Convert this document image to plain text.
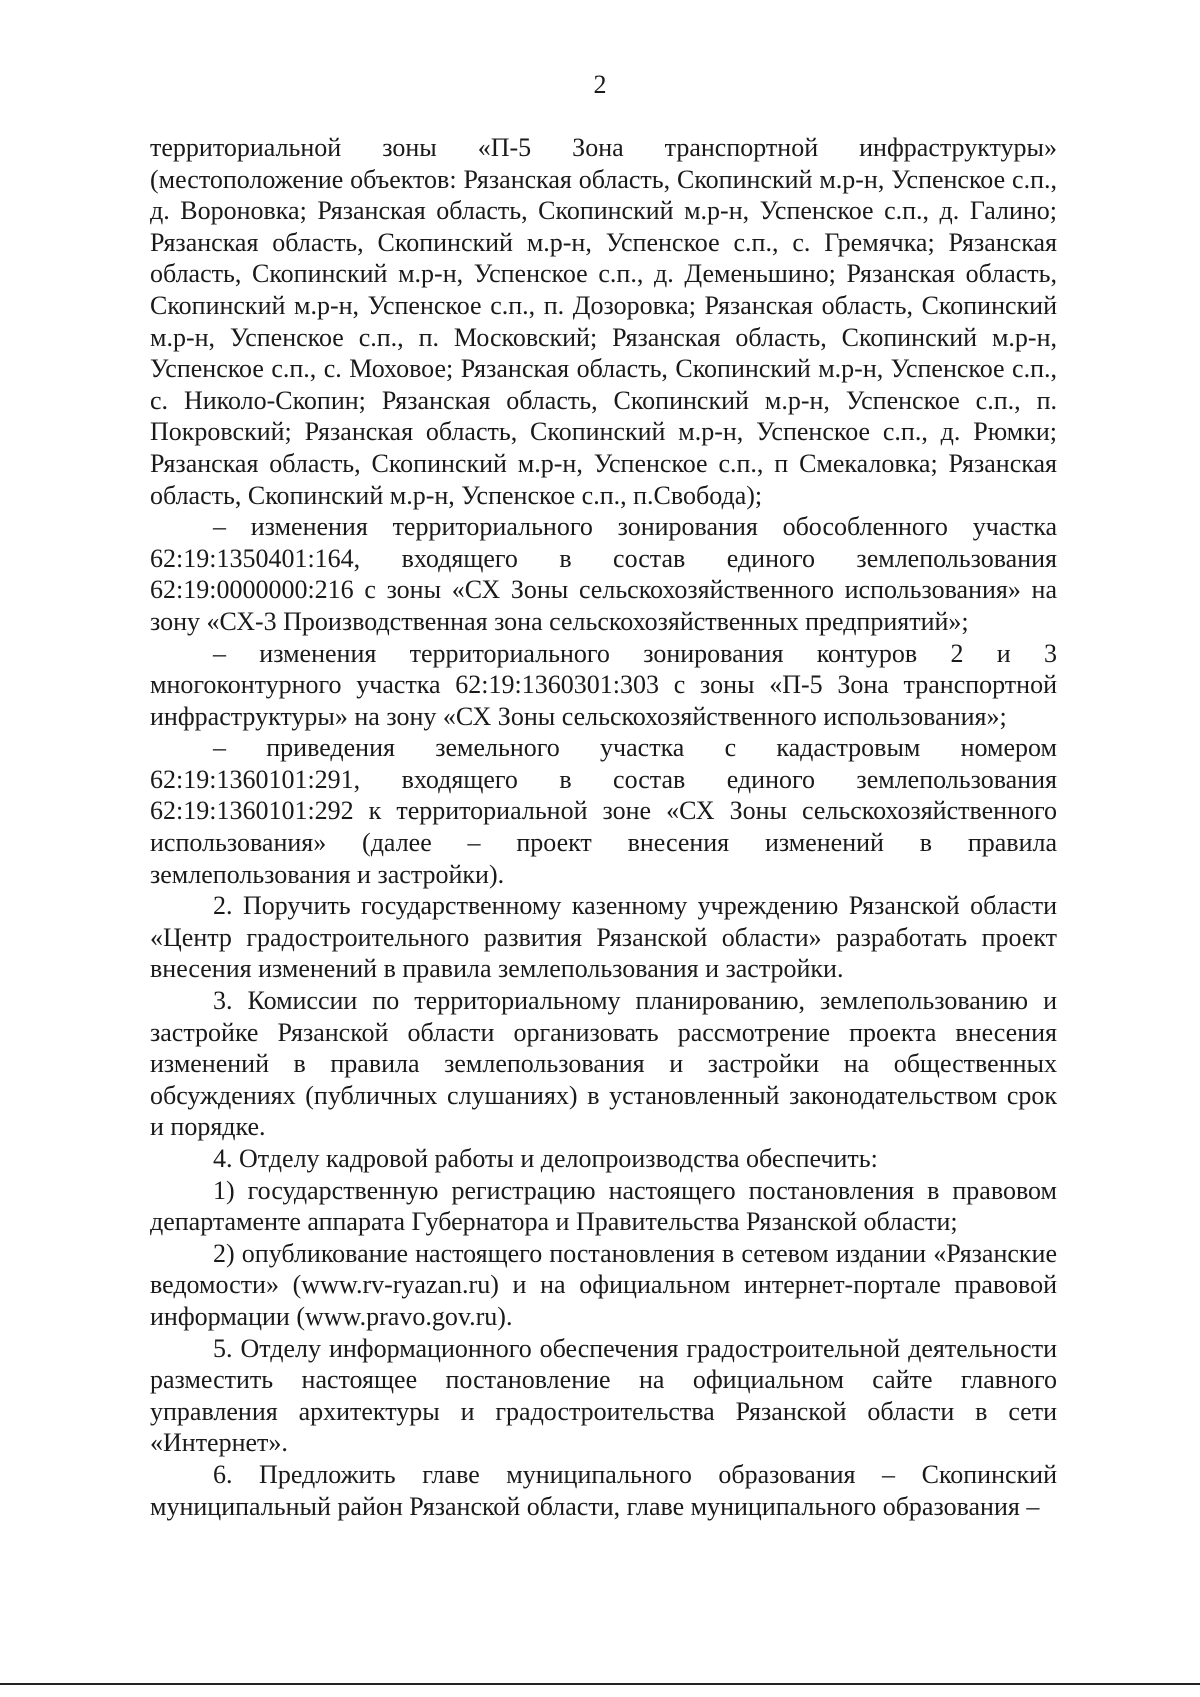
2

территориальной зоны «П-5 Зона транспортной инфраструктуры» (местоположение объектов: Рязанская область, Скопинский м.р-н, Успенское с.п., д. Вороновка; Рязанская область, Скопинский м.р-н, Успенское с.п., д. Галино; Рязанская область, Скопинский м.р-н, Успенское с.п., с. Гремячка; Рязанская область, Скопинский м.р-н, Успенское с.п., д. Деменьшино; Рязанская область, Скопинский м.р-н, Успенское с.п., п. Дозоровка; Рязанская область, Скопинский м.р-н, Успенское с.п., п. Московский; Рязанская область, Скопинский м.р-н, Успенское с.п., с. Моховое; Рязанская область, Скопинский м.р-н, Успенское с.п., с. Николо-Скопин; Рязанская область, Скопинский м.р-н, Успенское с.п., п. Покровский; Рязанская область, Скопинский м.р-н, Успенское с.п., д. Рюмки; Рязанская область, Скопинский м.р-н, Успенское с.п., п Смекаловка; Рязанская область, Скопинский м.р-н, Успенское с.п., п.Свобода);

– изменения территориального зонирования обособленного участка 62:19:1350401:164, входящего в состав единого землепользования 62:19:0000000:216 с зоны «СХ Зоны сельскохозяйственного использования» на зону «СХ-3 Производственная зона сельскохозяйственных предприятий»;

– изменения территориального зонирования контуров 2 и 3 многоконтурного участка 62:19:1360301:303 с зоны «П-5 Зона транспортной инфраструктуры» на зону «СХ Зоны сельскохозяйственного использования»;

– приведения земельного участка с кадастровым номером 62:19:1360101:291, входящего в состав единого землепользования 62:19:1360101:292 к территориальной зоне «СХ Зоны сельскохозяйственного использования» (далее – проект внесения изменений в правила землепользования и застройки).

2. Поручить государственному казенному учреждению Рязанской области «Центр градостроительного развития Рязанской области» разработать проект внесения изменений в правила землепользования и застройки.

3. Комиссии по территориальному планированию, землепользованию и застройке Рязанской области организовать рассмотрение проекта внесения изменений в правила землепользования и застройки на общественных обсуждениях (публичных слушаниях) в установленный законодательством срок и порядке.

4. Отделу кадровой работы и делопроизводства обеспечить:

1) государственную регистрацию настоящего постановления в правовом департаменте аппарата Губернатора и Правительства Рязанской области;

2) опубликование настоящего постановления в сетевом издании «Рязанские ведомости» (www.rv-ryazan.ru) и на официальном интернет-портале правовой информации (www.pravo.gov.ru).

5. Отделу информационного обеспечения градостроительной деятельности разместить настоящее постановление на официальном сайте главного управления архитектуры и градостроительства Рязанской области в сети «Интернет».

6. Предложить главе муниципального образования – Скопинский муниципальный район Рязанской области, главе муниципального образования –
